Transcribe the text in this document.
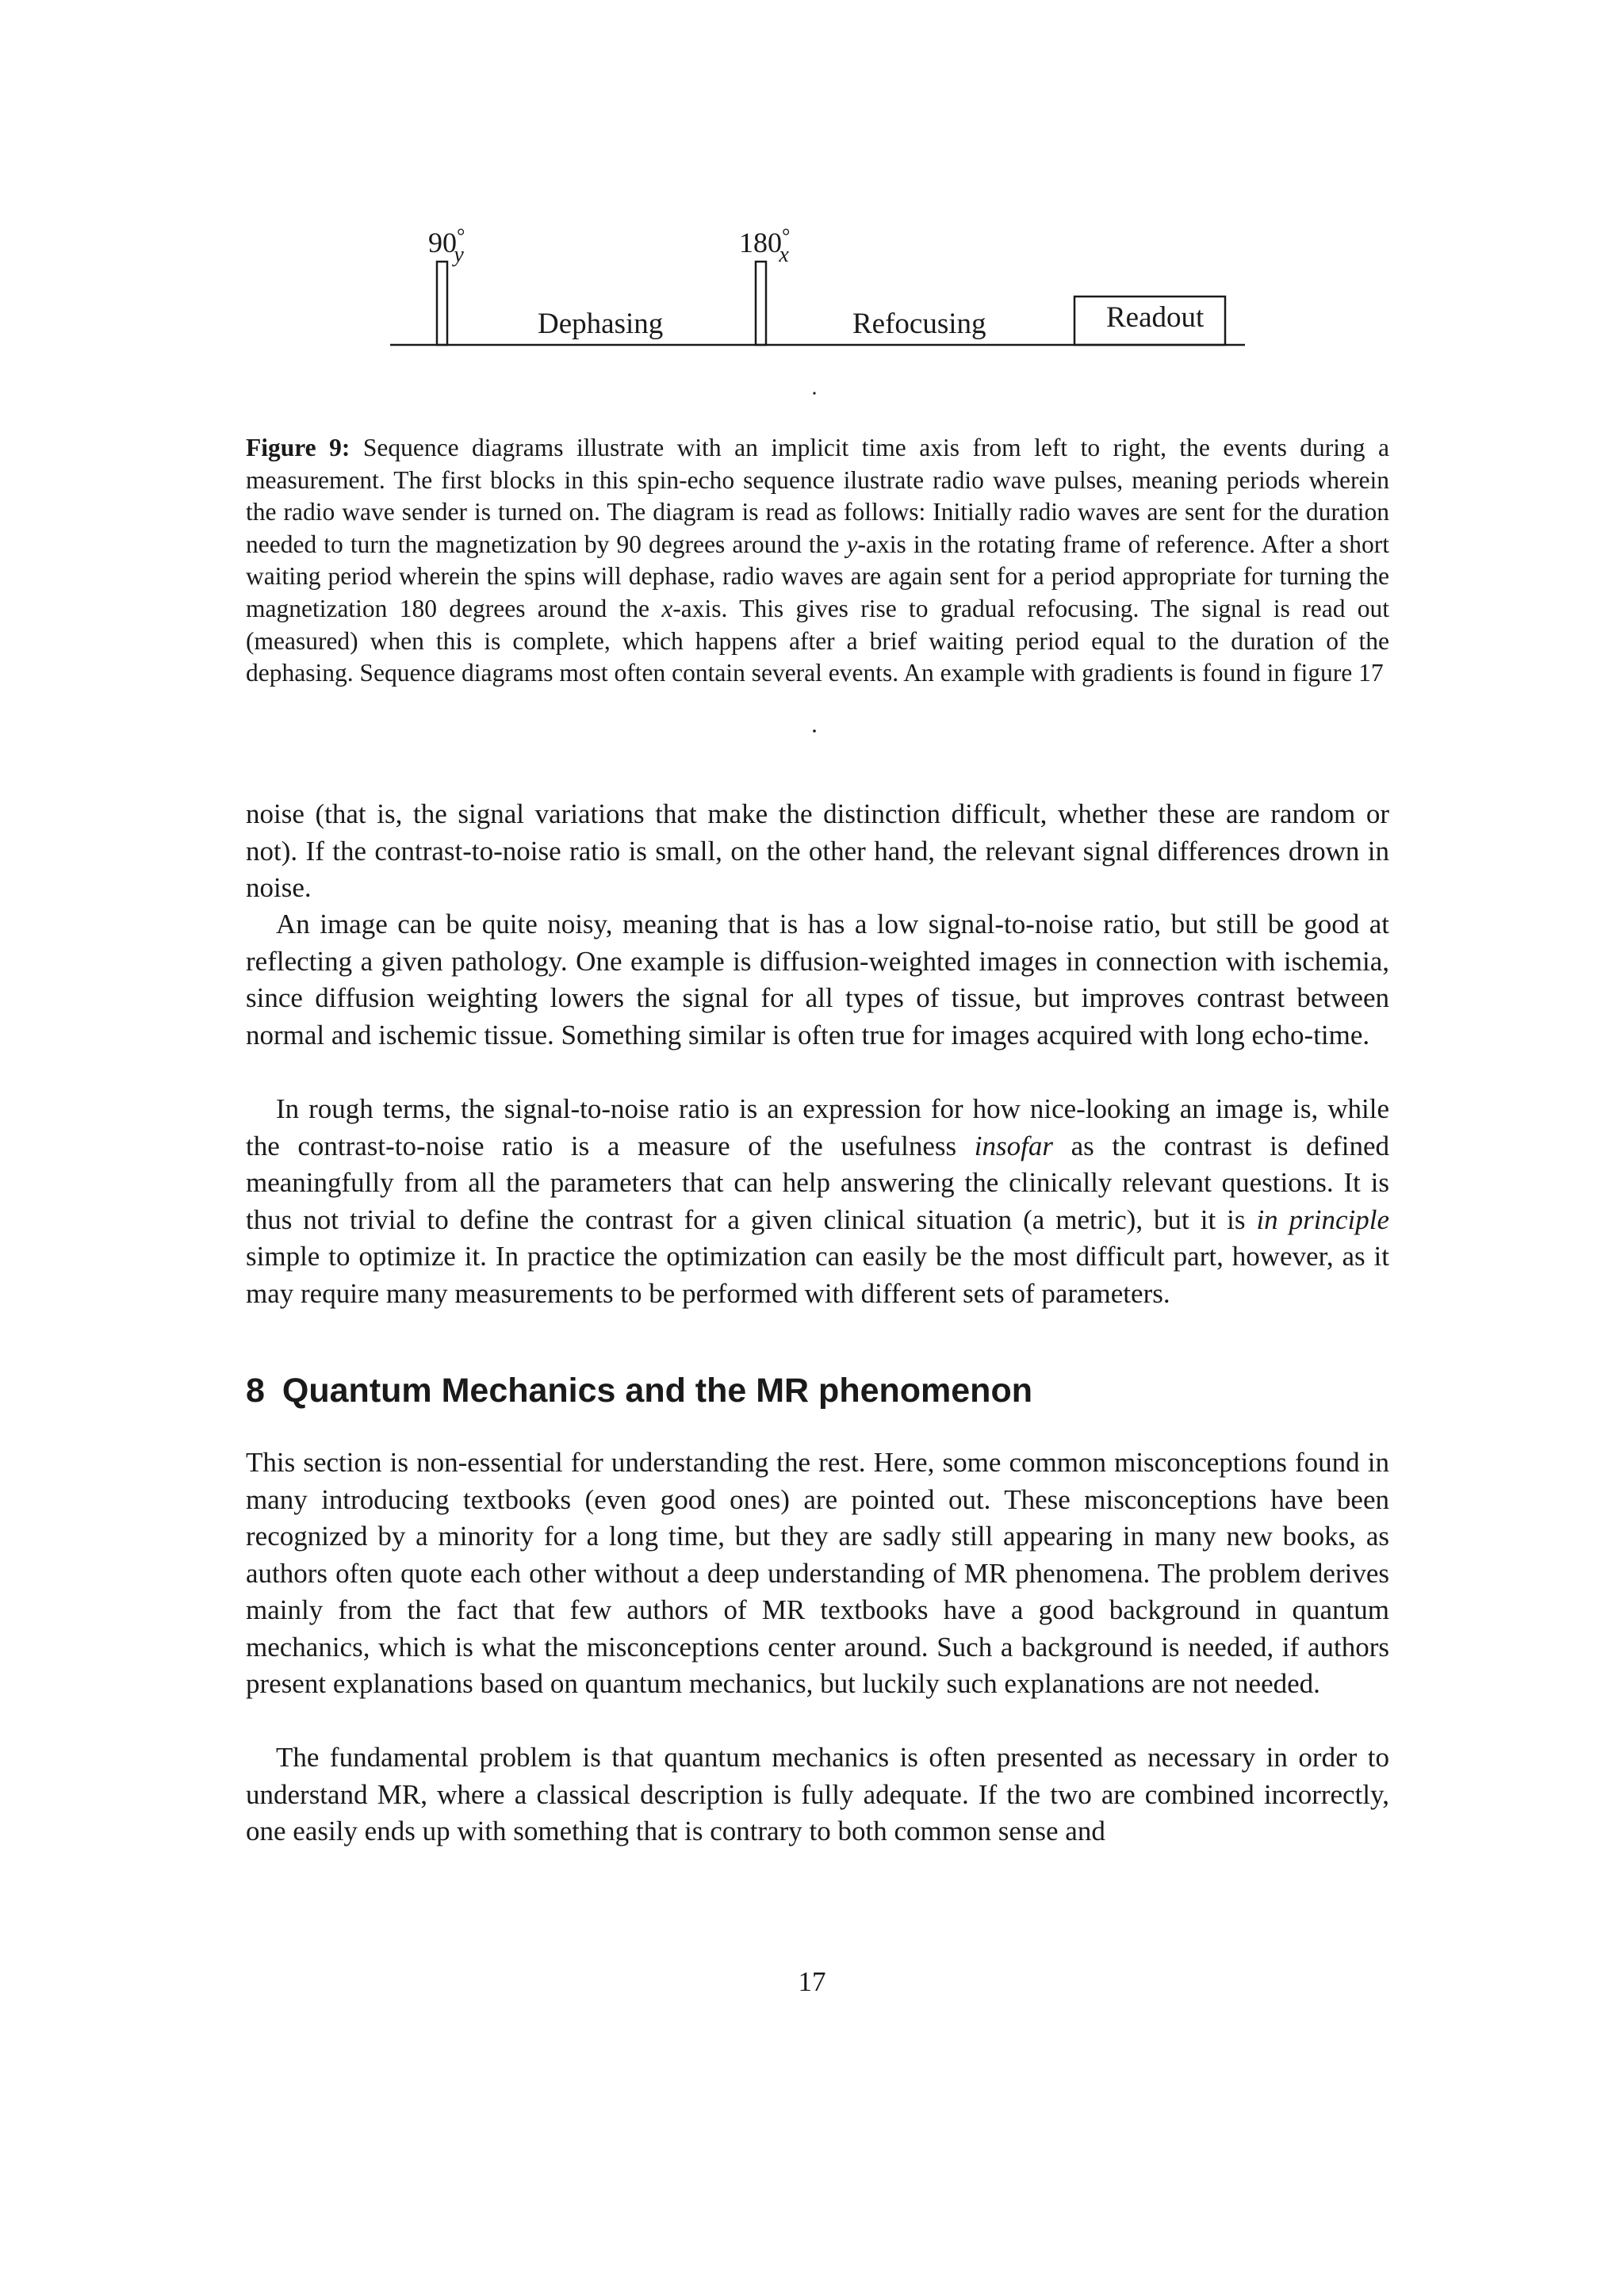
90° y	180° x
Dephasing	Refocusing	Readout

Figure 9: Sequence diagrams illustrate with an implicit time axis from left to right, the events during a measurement. The first blocks in this spin-echo sequence ilustrate radio wave pulses, meaning periods wherein the radio wave sender is turned on. The diagram is read as follows: Initially radio waves are sent for the duration needed to turn the magnetization by 90 degrees around the y-axis in the rotating frame of reference. After a short waiting period wherein the spins will dephase, radio waves are again sent for a period appropriate for turning the magnetization 180 degrees around the x-axis. This gives rise to gradual refocusing. The signal is read out (measured) when this is complete, which happens after a brief waiting period equal to the duration of the dephasing. Sequence diagrams most often contain several events. An example with gradients is found in figure 17

noise (that is, the signal variations that make the distinction difficult, whether these are random or not). If the contrast-to-noise ratio is small, on the other hand, the relevant signal differences drown in noise.

An image can be quite noisy, meaning that is has a low signal-to-noise ratio, but still be good at reflecting a given pathology. One example is diffusion-weighted images in connection with ischemia, since diffusion weighting lowers the signal for all types of tissue, but improves contrast between normal and ischemic tissue. Something similar is often true for images acquired with long echo-time.

In rough terms, the signal-to-noise ratio is an expression for how nice-looking an image is, while the contrast-to-noise ratio is a measure of the usefulness insofar as the contrast is defined meaningfully from all the parameters that can help answering the clinically relevant questions. It is thus not trivial to define the contrast for a given clinical situation (a metric), but it is in principle simple to optimize it. In practice the optimization can easily be the most difficult part, however, as it may require many measurements to be performed with different sets of parameters.

8 Quantum Mechanics and the MR phenomenon

This section is non-essential for understanding the rest. Here, some common misconceptions found in many introducing textbooks (even good ones) are pointed out. These misconceptions have been recognized by a minority for a long time, but they are sadly still appearing in many new books, as authors often quote each other without a deep understanding of MR phenomena. The problem derives mainly from the fact that few authors of MR textbooks have a good background in quantum mechanics, which is what the misconceptions center around. Such a background is needed, if authors present explanations based on quantum mechanics, but luckily such explanations are not needed.

The fundamental problem is that quantum mechanics is often presented as necessary in order to understand MR, where a classical description is fully adequate. If the two are combined incorrectly, one easily ends up with something that is contrary to both common sense and

17
